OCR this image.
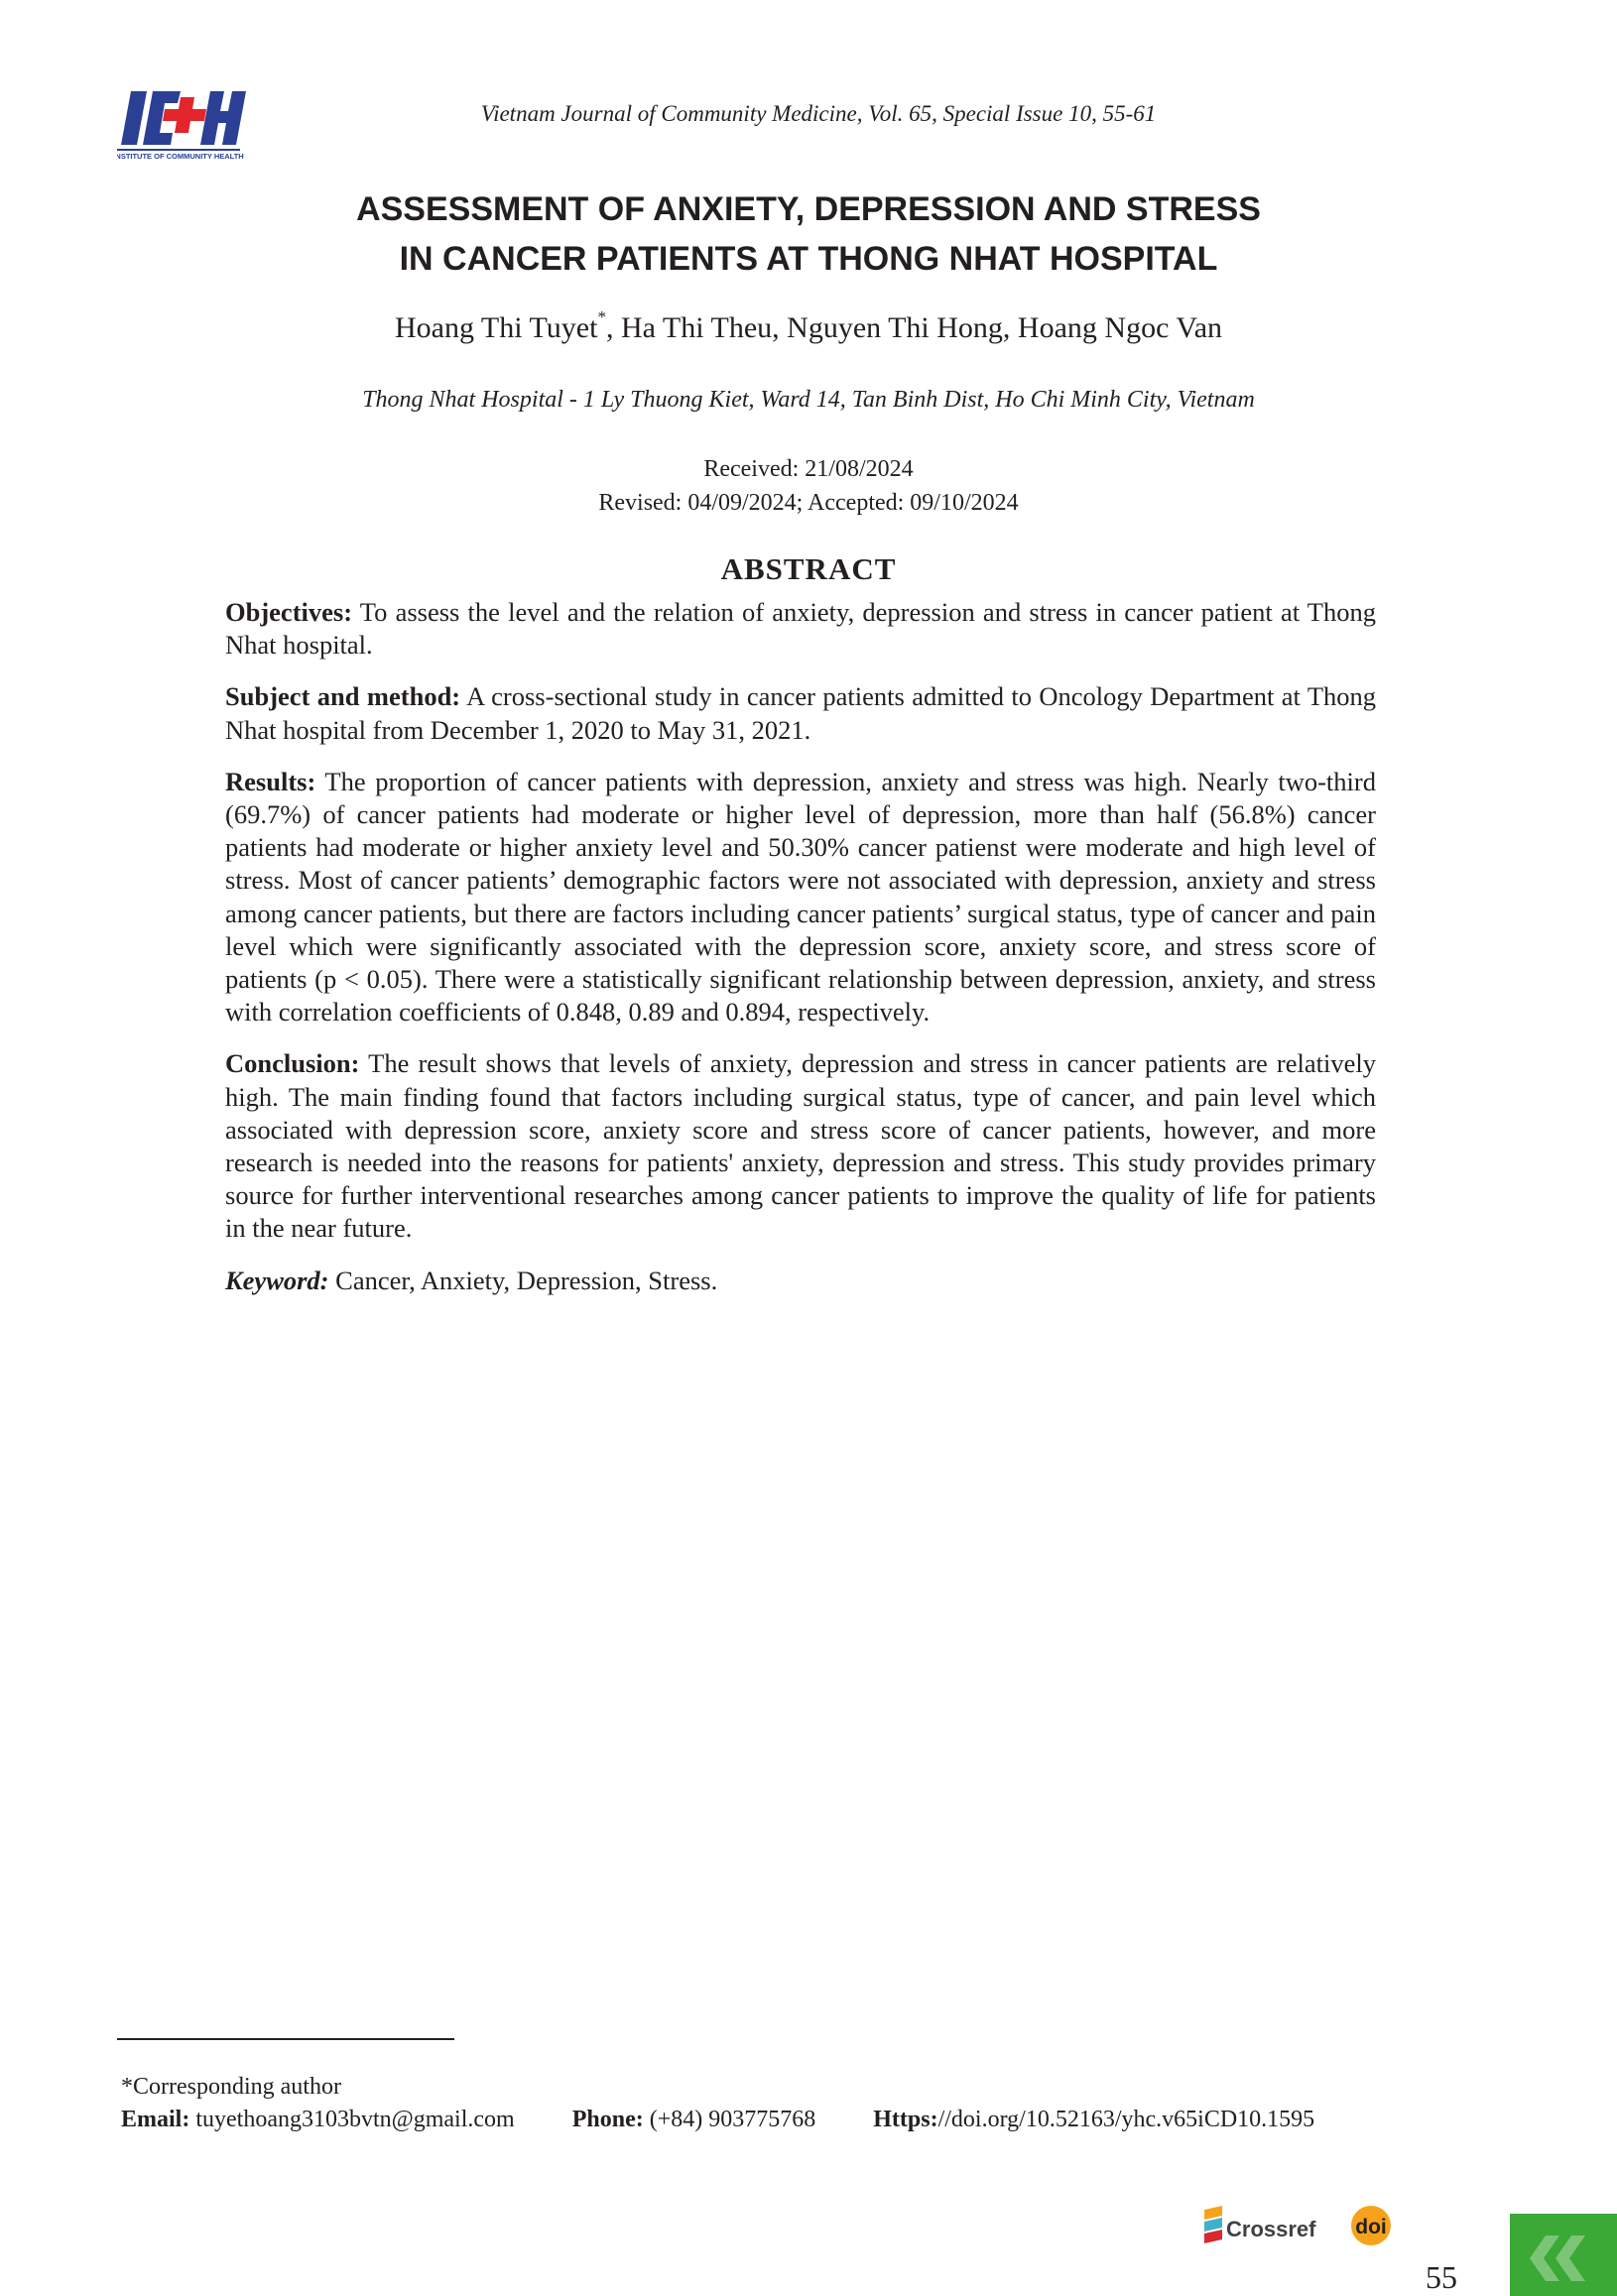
INSTITUTE OF COMMUNITY HEALTH
Vietnam Journal of Community Medicine, Vol. 65, Special Issue 10, 55-61
ASSESSMENT OF ANXIETY, DEPRESSION AND STRESS
IN CANCER PATIENTS AT THONG NHAT HOSPITAL
Hoang Thi Tuyet*, Ha Thi Theu, Nguyen Thi Hong, Hoang Ngoc Van
Thong Nhat Hospital - 1 Ly Thuong Kiet, Ward 14, Tan Binh Dist, Ho Chi Minh City, Vietnam
Received: 21/08/2024
Revised: 04/09/2024; Accepted: 09/10/2024
ABSTRACT

Objectives: To assess the level and the relation of anxiety, depression and stress in cancer patient at Thong Nhat hospital.

Subject and method: A cross-sectional study in cancer patients admitted to Oncology Department at Thong Nhat hospital from December 1, 2020 to May 31, 2021.

Results: The proportion of cancer patients with depression, anxiety and stress was high. Nearly two-third (69.7%) of cancer patients had moderate or higher level of depression, more than half (56.8%) cancer patients had moderate or higher anxiety level and 50.30% cancer patienst were moderate and high level of stress. Most of cancer patients’ demographic factors were not associated with depression, anxiety and stress among cancer patients, but there are factors including cancer patients’ surgical status, type of cancer and pain level which were significantly associated with the depression score, anxiety score, and stress score of patients (p < 0.05). There were a statistically significant relationship between depression, anxiety, and stress with correlation coefficients of 0.848, 0.89 and 0.894, respectively.

Conclusion: The result shows that levels of anxiety, depression and stress in cancer patients are relatively high. The main finding found that factors including surgical status, type of cancer, and pain level which associated with depression score, anxiety score and stress score of cancer patients, however, and more research is needed into the reasons for patients' anxiety, depression and stress. This study provides primary source for further interventional researches among cancer patients to improve the quality of life for patients in the near future.

Keyword: Cancer, Anxiety, Depression, Stress.

*Corresponding author
Email: tuyethoang3103bvtn@gmail.com Phone: (+84) 903775768 Https://doi.org/10.52163/yhc.v65iCD10.1595
Crossref doi
55
